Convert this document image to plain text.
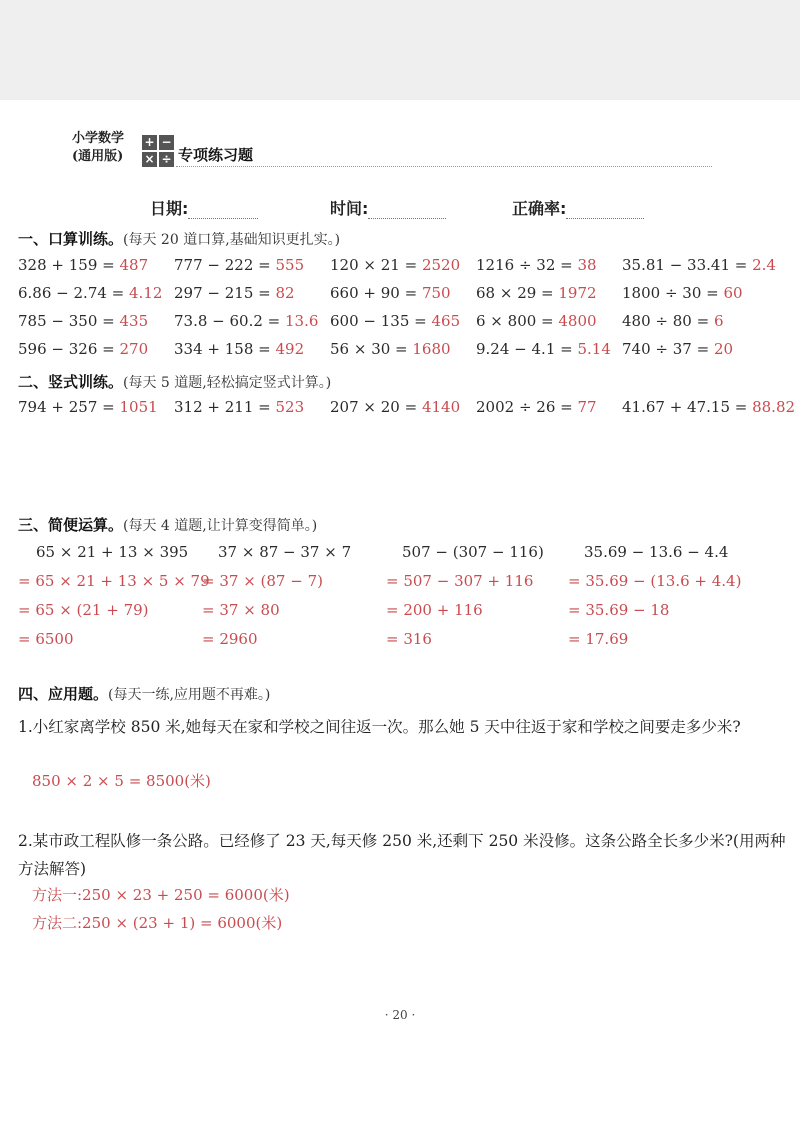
小学数学
(通用版)
+ −
× ÷ 专项练习题
日期:	时间:	正确率:
一、口算训练。(每天 20 道口算,基础知识更扎实。)
328 + 159 = 487 777 − 222 = 555 120 × 21 = 2520 1216 ÷ 32 = 38 35.81 − 33.41 = 2.4
6.86 − 2.74 = 4.12 297 − 215 = 82 660 + 90 = 750 68 × 29 = 1972 1800 ÷ 30 = 60
785 − 350 = 435 73.8 − 60.2 = 13.6 600 − 135 = 465 6 × 800 = 4800 480 ÷ 80 = 6
596 − 326 = 270 334 + 158 = 492 56 × 30 = 1680 9.24 − 4.1 = 5.14 740 ÷ 37 = 20
二、竖式训练。(每天 5 道题,轻松搞定竖式计算。)
794 + 257 = 1051 312 + 211 = 523 207 × 20 = 4140 2002 ÷ 26 = 77 41.67 + 47.15 = 88.82
三、简便运算。(每天 4 道题,让计算变得简单。)
65 × 21 + 13 × 395
= 65 × 21 + 13 × 5 × 79
= 65 × (21 + 79)
= 6500
37 × 87 − 37 × 7
= 37 × (87 − 7)
= 37 × 80
= 2960
507 − (307 − 116)
= 507 − 307 + 116
= 200 + 116
= 316
35.69 − 13.6 − 4.4
= 35.69 − (13.6 + 4.4)
= 35.69 − 18
= 17.69
四、应用题。(每天一练,应用题不再难。)
1.小红家离学校 850 米,她每天在家和学校之间往返一次。那么她 5 天中往返于家和学校之间要走多少米?
850 × 2 × 5 = 8500(米)
2.某市政工程队修一条公路。已经修了 23 天,每天修 250 米,还剩下 250 米没修。这条公路全长多少米?(用两种方法解答)
方法一:250 × 23 + 250 = 6000(米)
方法二:250 × (23 + 1) = 6000(米)
· 20 ·
